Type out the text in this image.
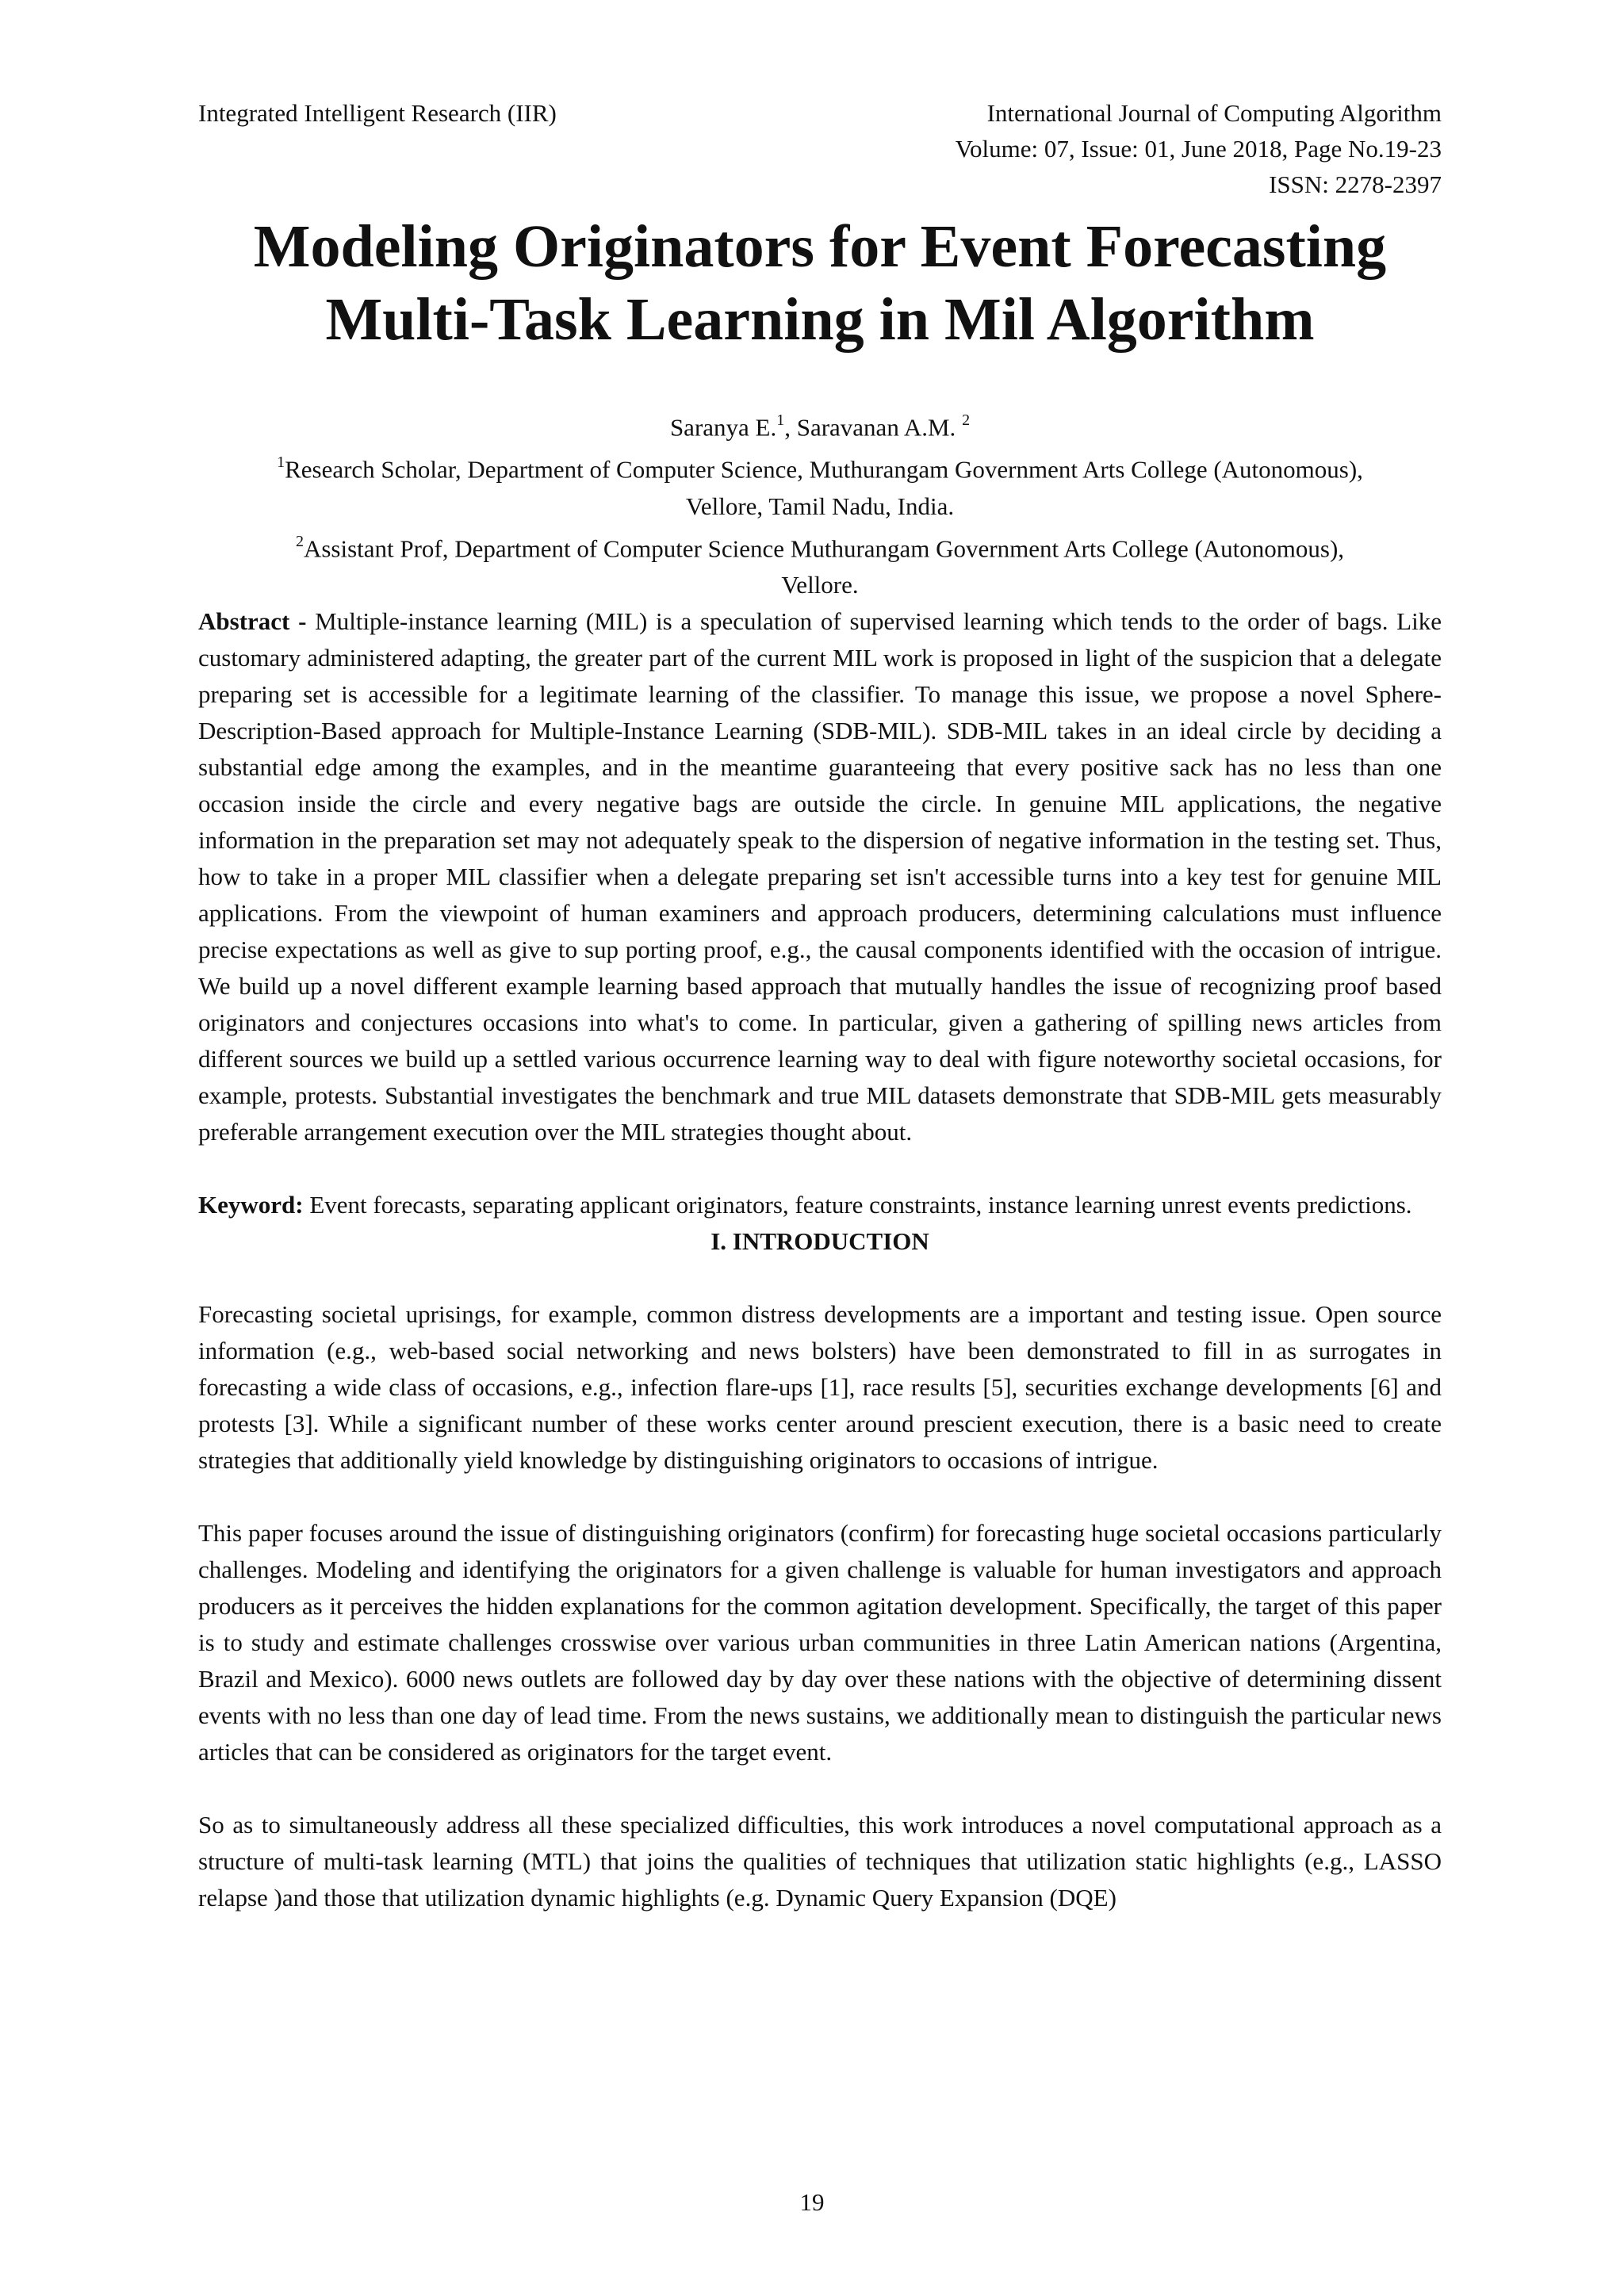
Integrated Intelligent Research (IIR)	International Journal of Computing Algorithm
Volume: 07, Issue: 01, June 2018, Page No.19-23
ISSN: 2278-2397
Modeling Originators for Event Forecasting
Multi-Task Learning in Mil Algorithm
Saranya E.$^1$, Saravanan A.M. $^2$
$^1$Research Scholar, Department of Computer Science, Muthurangam Government Arts College (Autonomous),
Vellore, Tamil Nadu, India.
$^2$Assistant Prof, Department of Computer Science Muthurangam Government Arts College (Autonomous),
Vellore.

Abstract - Multiple-instance learning (MIL) is a speculation of supervised learning which tends to the order of bags. Like customary administered adapting, the greater part of the current MIL work is proposed in light of the suspicion that a delegate preparing set is accessible for a legitimate learning of the classifier. To manage this issue, we propose a novel Sphere-Description-Based approach for Multiple-Instance Learning (SDB-MIL). SDB-MIL takes in an ideal circle by deciding a substantial edge among the examples, and in the meantime guaranteeing that every positive sack has no less than one occasion inside the circle and every negative bags are outside the circle. In genuine MIL applications, the negative information in the preparation set may not adequately speak to the dispersion of negative information in the testing set. Thus, how to take in a proper MIL classifier when a delegate preparing set isn't accessible turns into a key test for genuine MIL applications. From the viewpoint of human examiners and approach producers, determining calculations must influence precise expectations as well as give to sup porting proof, e.g., the causal components identified with the occasion of intrigue. We build up a novel different example learning based approach that mutually handles the issue of recognizing proof based originators and conjectures occasions into what's to come. In particular, given a gathering of spilling news articles from different sources we build up a settled various occurrence learning way to deal with figure noteworthy societal occasions, for example, protests. Substantial investigates the benchmark and true MIL datasets demonstrate that SDB-MIL gets measurably preferable arrangement execution over the MIL strategies thought about.

Keyword: Event forecasts, separating applicant originators, feature constraints, instance learning unrest events predictions.

I. INTRODUCTION

Forecasting societal uprisings, for example, common distress developments are a important and testing issue. Open source information (e.g., web-based social networking and news bolsters) have been demonstrated to fill in as surrogates in forecasting a wide class of occasions, e.g., infection flare-ups [1], race results [5], securities exchange developments [6] and protests [3]. While a significant number of these works center around prescient execution, there is a basic need to create strategies that additionally yield knowledge by distinguishing originators to occasions of intrigue.

This paper focuses around the issue of distinguishing originators (confirm) for forecasting huge societal occasions particularly challenges. Modeling and identifying the originators for a given challenge is valuable for human investigators and approach producers as it perceives the hidden explanations for the common agitation development. Specifically, the target of this paper is to study and estimate challenges crosswise over various urban communities in three Latin American nations (Argentina, Brazil and Mexico). 6000 news outlets are followed day by day over these nations with the objective of determining dissent events with no less than one day of lead time. From the news sustains, we additionally mean to distinguish the particular news articles that can be considered as originators for the target event.

So as to simultaneously address all these specialized difficulties, this work introduces a novel computational approach as a structure of multi-task learning (MTL) that joins the qualities of techniques that utilization static highlights (e.g., LASSO relapse )and those that utilization dynamic highlights (e.g. Dynamic Query Expansion (DQE)

19
